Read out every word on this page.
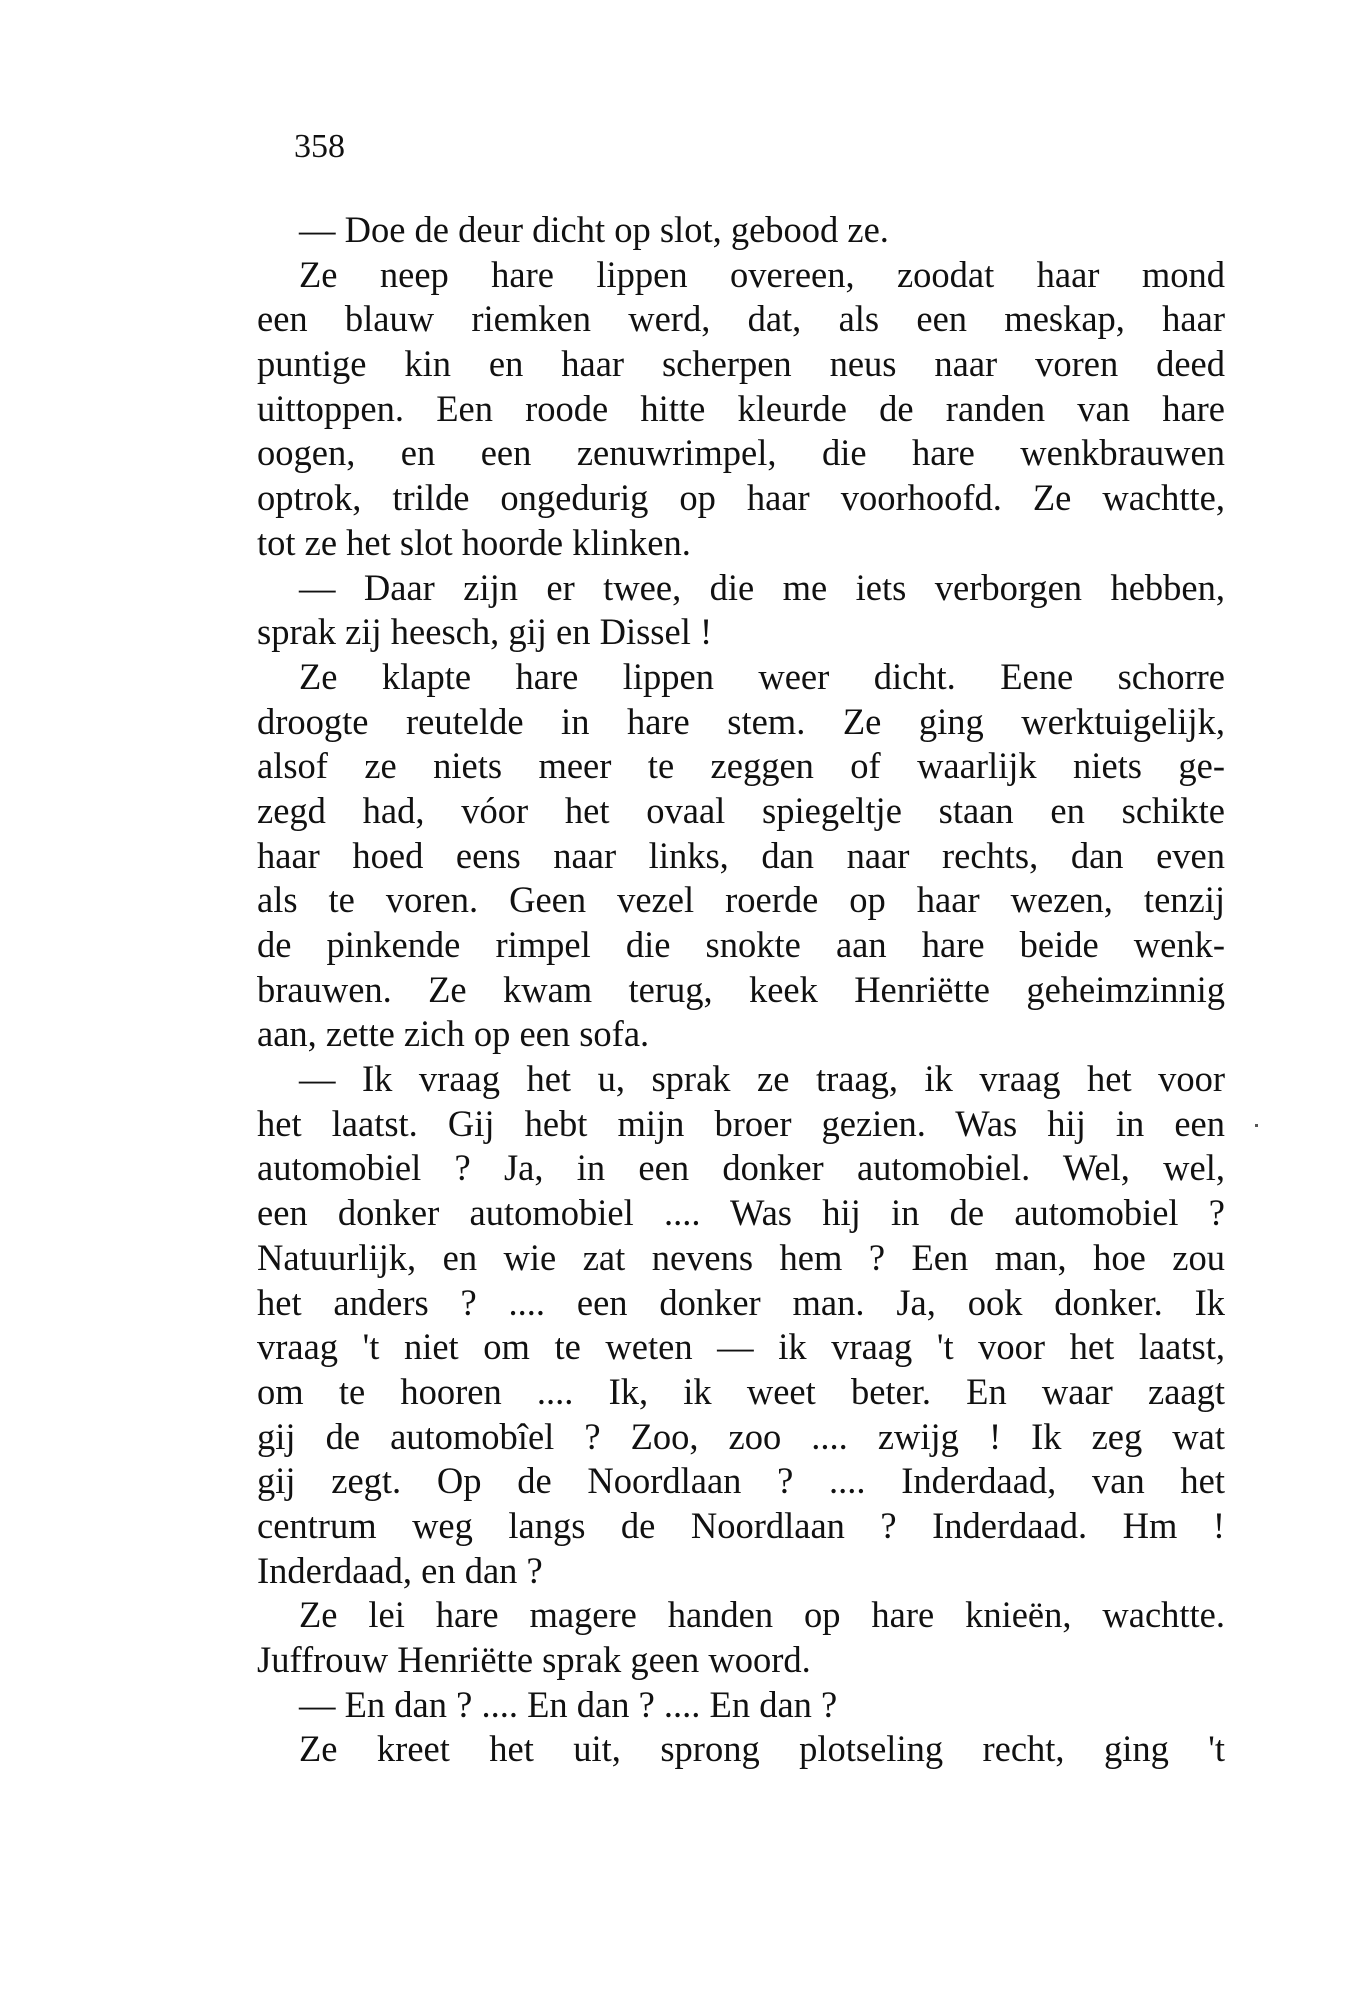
358
— Doe de deur dicht op slot, gebood ze.
Ze neep hare lippen overeen, zoodat haar mond
een blauw riemken werd, dat, als een meskap, haar
puntige kin en haar scherpen neus naar voren deed
uittoppen. Een roode hitte kleurde de randen van hare
oogen, en een zenuwrimpel, die hare wenkbrauwen
optrok, trilde ongedurig op haar voorhoofd. Ze wachtte,
tot ze het slot hoorde klinken.
— Daar zijn er twee, die me iets verborgen hebben,
sprak zij heesch, gij en Dissel !
Ze klapte hare lippen weer dicht. Eene schorre
droogte reutelde in hare stem. Ze ging werktuigelijk,
alsof ze niets meer te zeggen of waarlijk niets ge-
zegd had, vóor het ovaal spiegeltje staan en schikte
haar hoed eens naar links, dan naar rechts, dan even
als te voren. Geen vezel roerde op haar wezen, tenzij
de pinkende rimpel die snokte aan hare beide wenk-
brauwen. Ze kwam terug, keek Henriëtte geheimzinnig
aan, zette zich op een sofa.
— Ik vraag het u, sprak ze traag, ik vraag het voor
het laatst. Gij hebt mijn broer gezien. Was hij in een
automobiel ? Ja, in een donker automobiel. Wel, wel,
een donker automobiel .... Was hij in de automobiel ?
Natuurlijk, en wie zat nevens hem ? Een man, hoe zou
het anders ? .... een donker man. Ja, ook donker. Ik
vraag 't niet om te weten — ik vraag 't voor het laatst,
om te hooren .... Ik, ik weet beter. En waar zaagt
gij de automobîel ? Zoo, zoo .... zwijg ! Ik zeg wat
gij zegt. Op de Noordlaan ? .... Inderdaad, van het
centrum weg langs de Noordlaan ? Inderdaad. Hm !
Inderdaad, en dan ?
Ze lei hare magere handen op hare knieën, wachtte.
Juffrouw Henriëtte sprak geen woord.
— En dan ? .... En dan ? .... En dan ?
Ze kreet het uit, sprong plotseling recht, ging 't
